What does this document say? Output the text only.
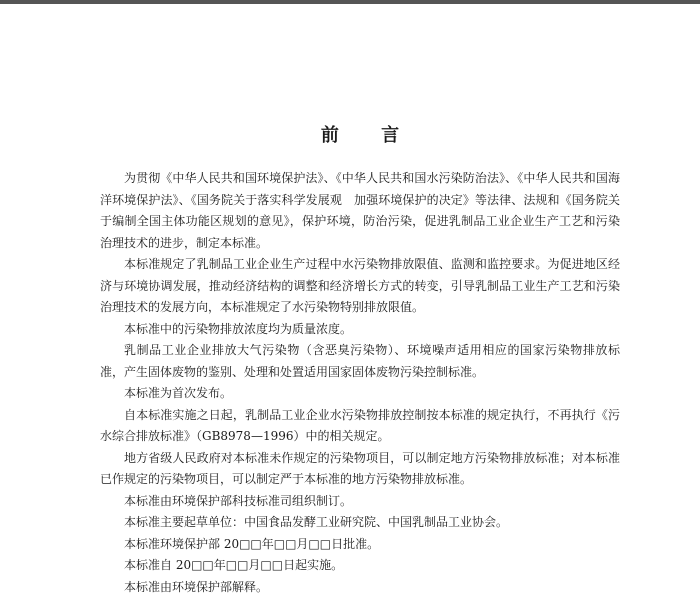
前 言

为贯彻《中华人民共和国环境保护法》、《中华人民共和国水污染防治法》、《中华人民共和国海洋环境保护法》、《国务院关于落实科学发展观　加强环境保护的决定》等法律、法规和《国务院关于编制全国主体功能区规划的意见》，保护环境，防治污染，促进乳制品工业企业生产工艺和污染治理技术的进步，制定本标准。

本标准规定了乳制品工业企业生产过程中水污染物排放限值、监测和监控要求。为促进地区经济与环境协调发展，推动经济结构的调整和经济增长方式的转变，引导乳制品工业生产工艺和污染治理技术的发展方向，本标准规定了水污染物特别排放限值。

本标准中的污染物排放浓度均为质量浓度。

乳制品工业企业排放大气污染物（含恶臭污染物）、环境噪声适用相应的国家污染物排放标准，产生固体废物的鉴别、处理和处置适用国家固体废物污染控制标准。

本标准为首次发布。

自本标准实施之日起，乳制品工业企业水污染物排放控制按本标准的规定执行，不再执行《污水综合排放标准》（GB8978—1996）中的相关规定。

地方省级人民政府对本标准未作规定的污染物项目，可以制定地方污染物排放标准；对本标准已作规定的污染物项目，可以制定严于本标准的地方污染物排放标准。

本标准由环境保护部科技标准司组织制订。

本标准主要起草单位：中国食品发酵工业研究院、中国乳制品工业协会。

本标准环境保护部 20□□年□□月□□日批准。

本标准自 20□□年□□月□□日起实施。

本标准由环境保护部解释。
